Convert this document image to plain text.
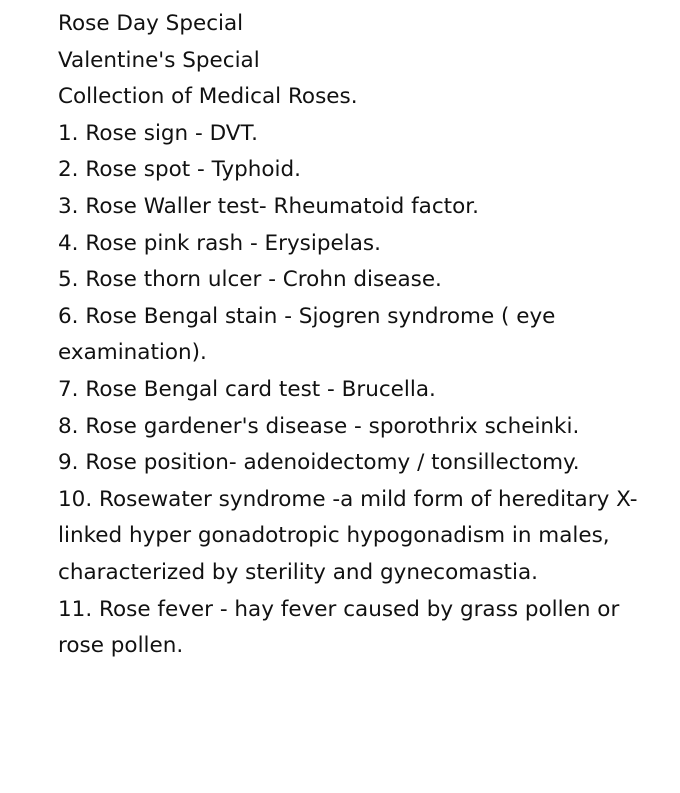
Rose Day Special

Valentine's Special

Collection of Medical Roses.

1. Rose sign - DVT.

2. Rose spot - Typhoid.

3. Rose Waller test- Rheumatoid factor.

4. Rose pink rash - Erysipelas.

5. Rose thorn ulcer - Crohn disease.

6. Rose Bengal stain - Sjogren syndrome ( eye examination).

7. Rose Bengal card test - Brucella.

8. Rose gardener's disease - sporothrix scheinki.

9. Rose position- adenoidectomy / tonsillectomy.

10. Rosewater syndrome -a mild form of hereditary X- linked hyper gonadotropic hypogonadism in males, characterized by sterility and gynecomastia.

11. Rose fever - hay fever caused by grass pollen or rose pollen.
